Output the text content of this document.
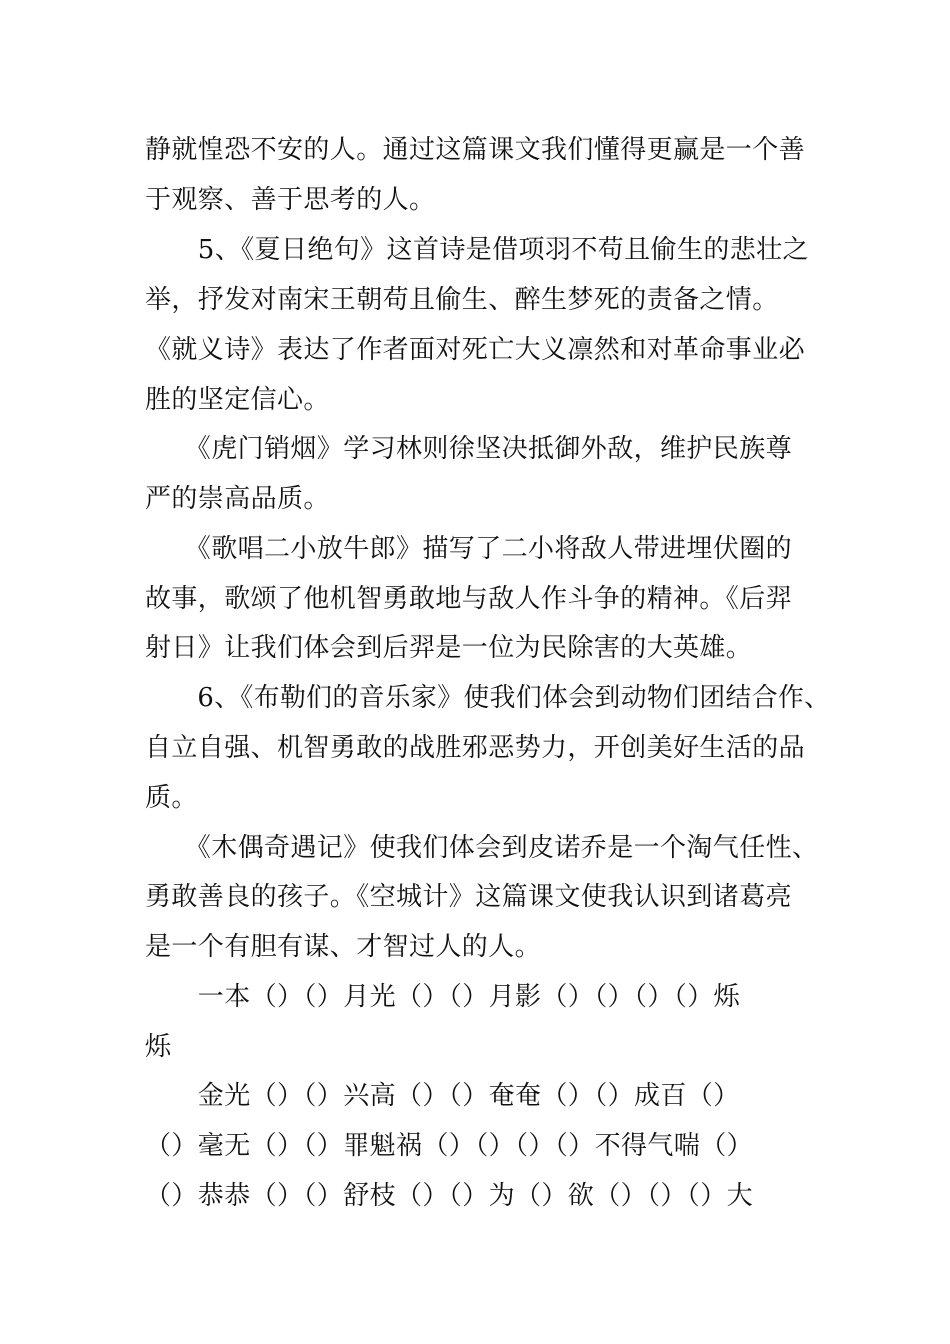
静就惶恐不安的人。通过这篇课文我们懂得更赢是一个善
于观察、善于思考的人。
　　5、《夏日绝句》这首诗是借项羽不苟且偷生的悲壮之
举，抒发对南宋王朝苟且偷生、醉生梦死的责备之情。
《就义诗》表达了作者面对死亡大义凛然和对革命事业必
胜的坚定信心。
　　《虎门销烟》学习林则徐坚决抵御外敌，维护民族尊
严的崇高品质。
　　《歌唱二小放牛郎》描写了二小将敌人带进埋伏圈的
故事，歌颂了他机智勇敢地与敌人作斗争的精神。《后羿
射日》让我们体会到后羿是一位为民除害的大英雄。
　　6、《布勒们的音乐家》使我们体会到动物们团结合作、
自立自强、机智勇敢的战胜邪恶势力，开创美好生活的品
质。
　　《木偶奇遇记》使我们体会到皮诺乔是一个淘气任性、
勇敢善良的孩子。《空城计》这篇课文使我认识到诸葛亮
是一个有胆有谋、才智过人的人。
　　一本（）（）月光（）（）月影（）（）（）（）烁
烁
　　金光（）（）兴高（）（）奄奄（）（）成百（）
（）毫无（）（）罪魁祸（）（）（）（）不得气喘（）
（）恭恭（）（）舒枝（）（）为（）欲（）（）（）大
